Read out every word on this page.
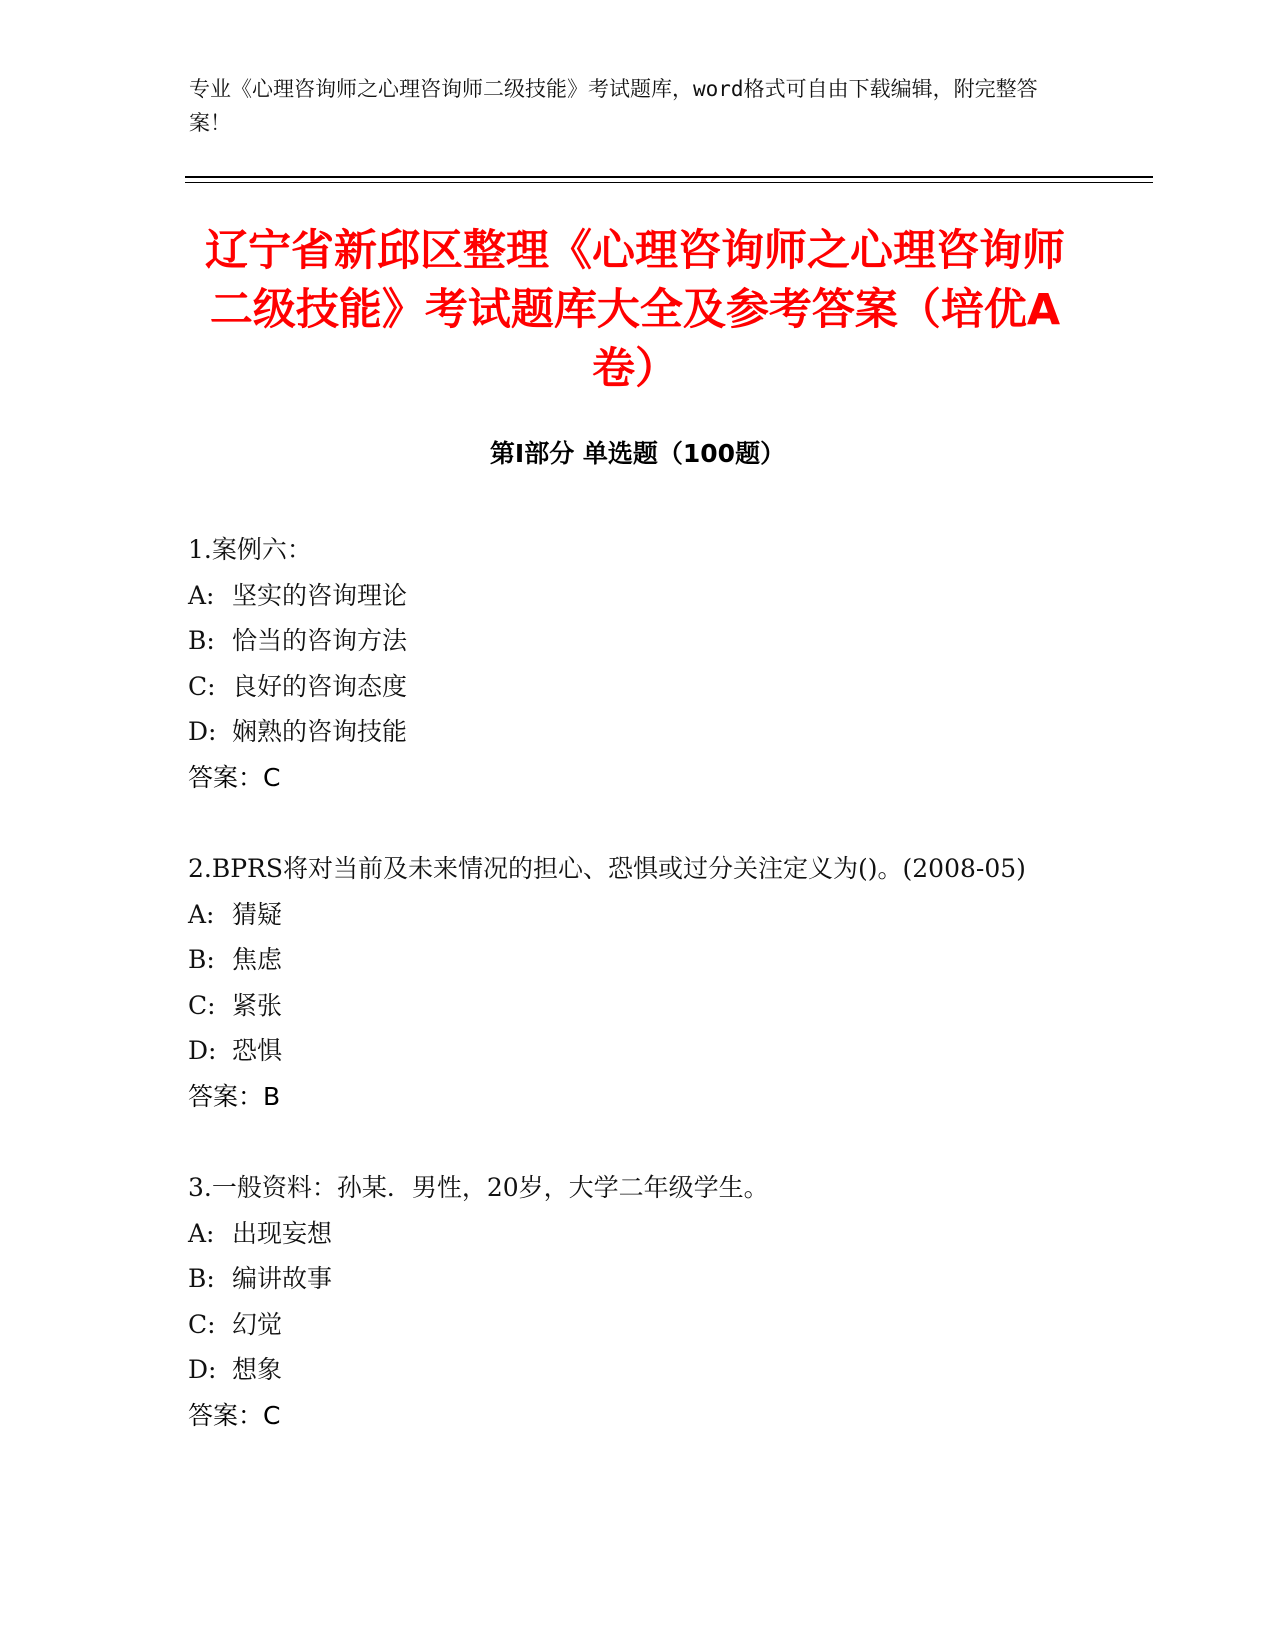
专业《心理咨询师之心理咨询师二级技能》考试题库，word格式可自由下载编辑，附完整答案！

辽宁省新邱区整理《心理咨询师之心理咨询师二级技能》考试题库大全及参考答案（培优A卷）
第Ⅰ部分 单选题（100题）
1.案例六：
A: 坚实的咨询理论
B: 恰当的咨询方法
C: 良好的咨询态度
D: 娴熟的咨询技能
答案：C

2.BPRS将对当前及未来情况的担心、恐惧或过分关注定义为()。(2008-05)

A: 猜疑
B: 焦虑
C: 紧张
D: 恐惧
答案：B
3.一般资料：孙某．男性，20岁，大学二年级学生。
A: 出现妄想
B: 编讲故事
C: 幻觉
D: 想象
答案：C
